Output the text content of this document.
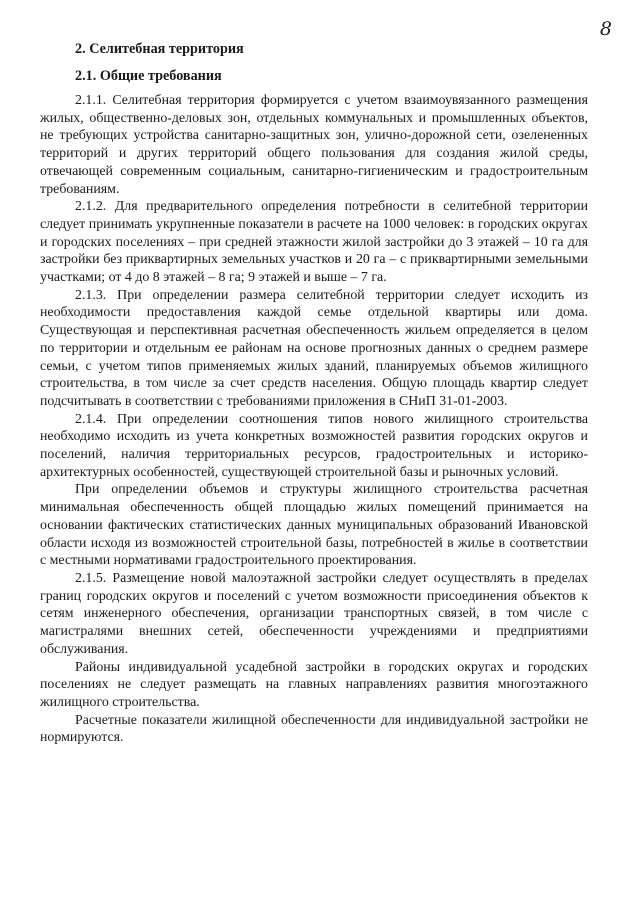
8
2. Селитебная территория
2.1. Общие требования

2.1.1. Селитебная территория формируется с учетом взаимоувязанного размещения жилых, общественно-деловых зон, отдельных коммунальных и промышленных объектов, не требующих устройства санитарно-защитных зон, улично-дорожной сети, озелененных территорий и других территорий общего пользования для создания жилой среды, отвечающей современным социальным, санитарно-гигиеническим и градостроительным требованиям.

2.1.2. Для предварительного определения потребности в селитебной территории следует принимать укрупненные показатели в расчете на 1000 человек: в городских округах и городских поселениях – при средней этажности жилой застройки до 3 этажей – 10 га для застройки без приквартирных земельных участков и 20 га – с приквартирными земельными участками; от 4 до 8 этажей – 8 га; 9 этажей и выше – 7 га.

2.1.3. При определении размера селитебной территории следует исходить из необходимости предоставления каждой семье отдельной квартиры или дома. Существующая и перспективная расчетная обеспеченность жильем определяется в целом по территории и отдельным ее районам на основе прогнозных данных о среднем размере семьи, с учетом типов применяемых жилых зданий, планируемых объемов жилищного строительства, в том числе за счет средств населения. Общую площадь квартир следует подсчитывать в соответствии с требованиями приложения в СНиП 31-01-2003.

2.1.4. При определении соотношения типов нового жилищного строительства необходимо исходить из учета конкретных возможностей развития городских округов и поселений, наличия территориальных ресурсов, градостроительных и историко-архитектурных особенностей, существующей строительной базы и рыночных условий.

При определении объемов и структуры жилищного строительства расчетная минимальная обеспеченность общей площадью жилых помещений принимается на основании фактических статистических данных муниципальных образований Ивановской области исходя из возможностей строительной базы, потребностей в жилье в соответствии с местными нормативами градостроительного проектирования.

2.1.5. Размещение новой малоэтажной застройки следует осуществлять в пределах границ городских округов и поселений с учетом возможности присоединения объектов к сетям инженерного обеспечения, организации транспортных связей, в том числе с магистралями внешних сетей, обеспеченности учреждениями и предприятиями обслуживания.

Районы индивидуальной усадебной застройки в городских округах и городских поселениях не следует размещать на главных направлениях развития многоэтажного жилищного строительства.

Расчетные показатели жилищной обеспеченности для индивидуальной застройки не нормируются.
